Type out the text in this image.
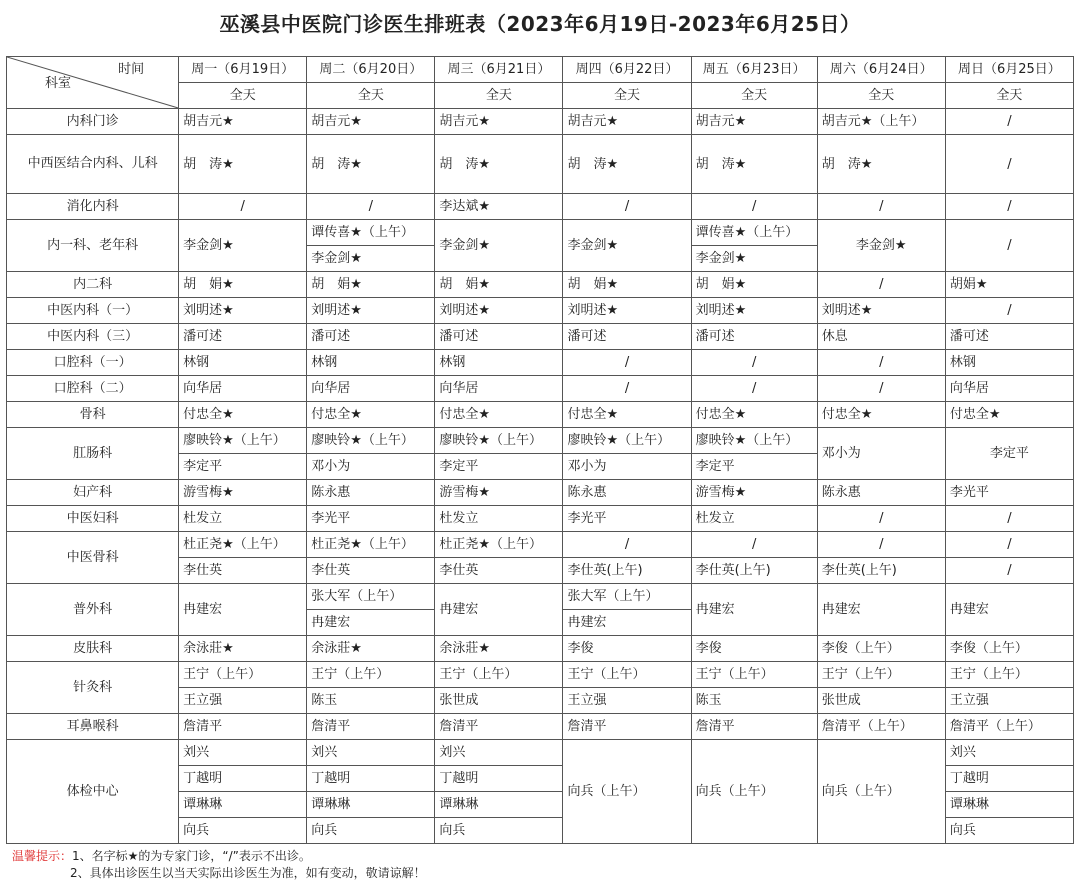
巫溪县中医院门诊医生排班表（2023年6月19日-2023年6月25日）
科室
时间	周一（6月19日）	周二（6月20日）	周三（6月21日）	周四（6月22日）	周五（6月23日）	周六（6月24日）	周日（6月25日）
	全天	全天	全天	全天	全天	全天	全天
内科门诊	胡吉元★	胡吉元★	胡吉元★	胡吉元★	胡吉元★	胡吉元★（上午）	/
中西医结合内科、儿科	胡　涛★	胡　涛★	胡　涛★	胡　涛★	胡　涛★	胡　涛★	/
消化内科	/	/	李达斌★	/	/	/	/
内一科、老年科	李金剑★	谭传喜★（上午）	李金剑★	李金剑★	谭传喜★（上午）	李金剑★	/
		李金剑★			李金剑★		
内二科	胡　娟★	胡　娟★	胡　娟★	胡　娟★	胡　娟★	/	胡娟★
中医内科（一）	刘明述★	刘明述★	刘明述★	刘明述★	刘明述★	刘明述★	/
中医内科（三）	潘可述	潘可述	潘可述	潘可述	潘可述	休息	潘可述
口腔科（一）	林钢	林钢	林钢	/	/	/	林钢
口腔科（二）	向华居	向华居	向华居	/	/	/	向华居
骨科	付忠全★	付忠全★	付忠全★	付忠全★	付忠全★	付忠全★	付忠全★
肛肠科	廖映铃★（上午）	廖映铃★（上午）	廖映铃★（上午）	廖映铃★（上午）	廖映铃★（上午）	邓小为	李定平
	李定平	邓小为	李定平	邓小为	李定平		
妇产科	游雪梅★	陈永惠	游雪梅★	陈永惠	游雪梅★	陈永惠	李光平
中医妇科	杜发立	李光平	杜发立	李光平	杜发立	/	/
中医骨科	杜正尧★（上午）	杜正尧★（上午）	杜正尧★（上午）	/	/	/	/
	李仕英	李仕英	李仕英	李仕英(上午)	李仕英(上午)	李仕英(上午)	/
普外科	冉建宏	张大军（上午）	冉建宏	张大军（上午）	冉建宏	冉建宏	冉建宏
		冉建宏		冉建宏			
皮肤科	余泳莊★	余泳莊★	余泳莊★	李俊	李俊	李俊（上午）	李俊（上午）
针灸科	王宁（上午）	王宁（上午）	王宁（上午）	王宁（上午）	王宁（上午）	王宁（上午）	王宁（上午）
	王立强	陈玉	张世成	王立强	陈玉	张世成	王立强
耳鼻喉科	詹清平	詹清平	詹清平	詹清平	詹清平	詹清平（上午）	詹清平（上午）
体检中心	刘兴	刘兴	刘兴	向兵（上午）	向兵（上午）	向兵（上午）	刘兴
	丁越明	丁越明	丁越明				丁越明
	谭琳琳	谭琳琳	谭琳琳				谭琳琳
	向兵	向兵	向兵				向兵
温馨提示：1、名字标★的为专家门诊，“/”表示不出诊。
2、具体出诊医生以当天实际出诊医生为准，如有变动，敬请谅解！
